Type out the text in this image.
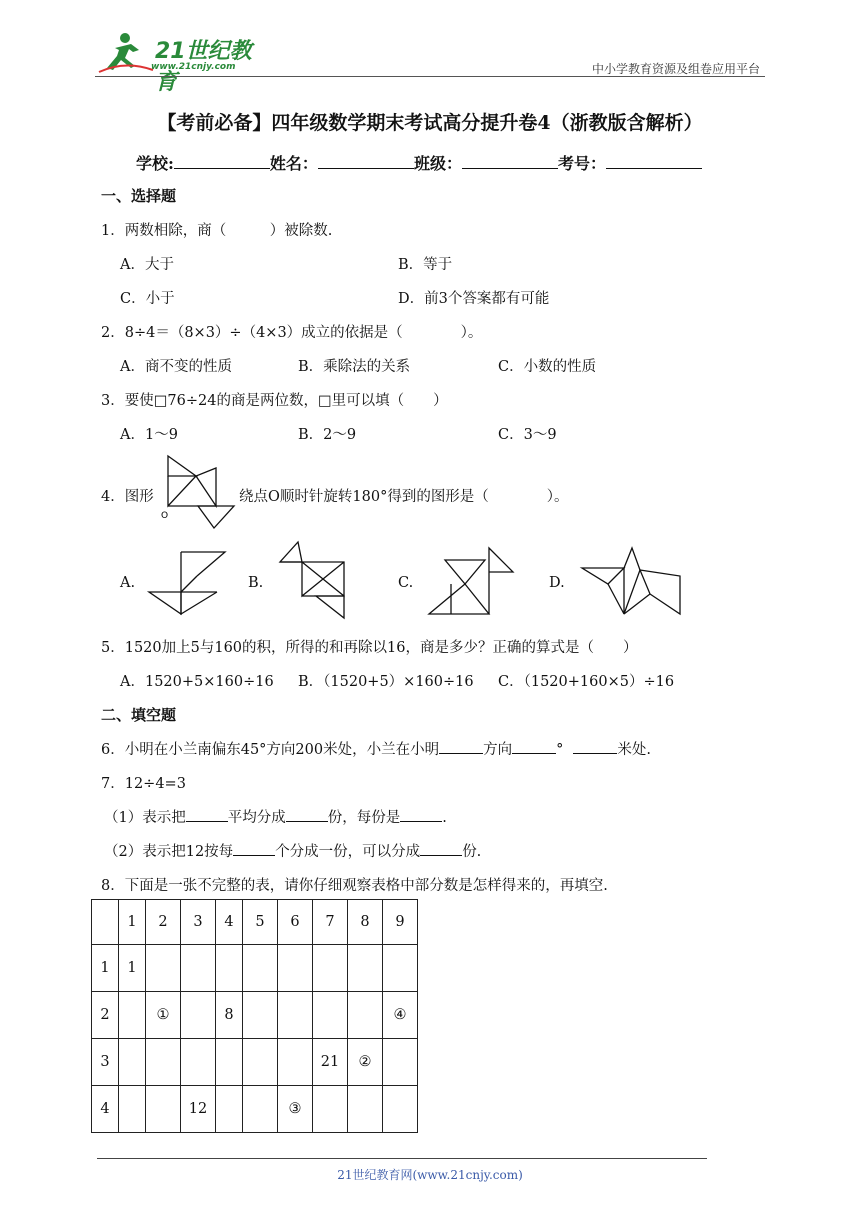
21世纪教育
www.21cnjy.com	中小学教育资源及组卷应用平台
【考前必备】四年级数学期末考试高分提升卷4（浙教版含解析）
学校:	姓名：	班级：	考号：
一、选择题
1．两数相除，商（　　　）被除数.
A．大于	B．等于
C．小于	D．前3个答案都有可能
2．8÷4＝（8×3）÷（4×3）成立的依据是（　　　　）。
A．商不变的性质	B．乘除法的关系	C．小数的性质
3．要使□76÷24的商是两位数，□里可以填（　　）
A．1～9	B．2～9	C．3～9
4．图形
O
绕点O顺时针旋转180°得到的图形是（　　　　）。
A.	B.	C.	D.
5．1520加上5与160的积，所得的和再除以16，商是多少？正确的算式是（　　）
A．1520+5×160÷16 B．（1520+5）×160÷16 C．（1520+160×5）÷16
二、填空题
6．小明在小兰南偏东45°方向200米处，小兰在小明	方向	°	米处.
7．12÷4=3
（1）表示把	平均分成	份，每份是	.
（2）表示把12按每	个分成一份，可以分成	份.
8．下面是一张不完整的表，请你仔细观察表格中部分数是怎样得来的，再填空.
	1	2	3	4	5	6	7	8	9
1	1								
2		①		8					④
3							21	②	
4			12			③			
21世纪教育网(www.21cnjy.com)
